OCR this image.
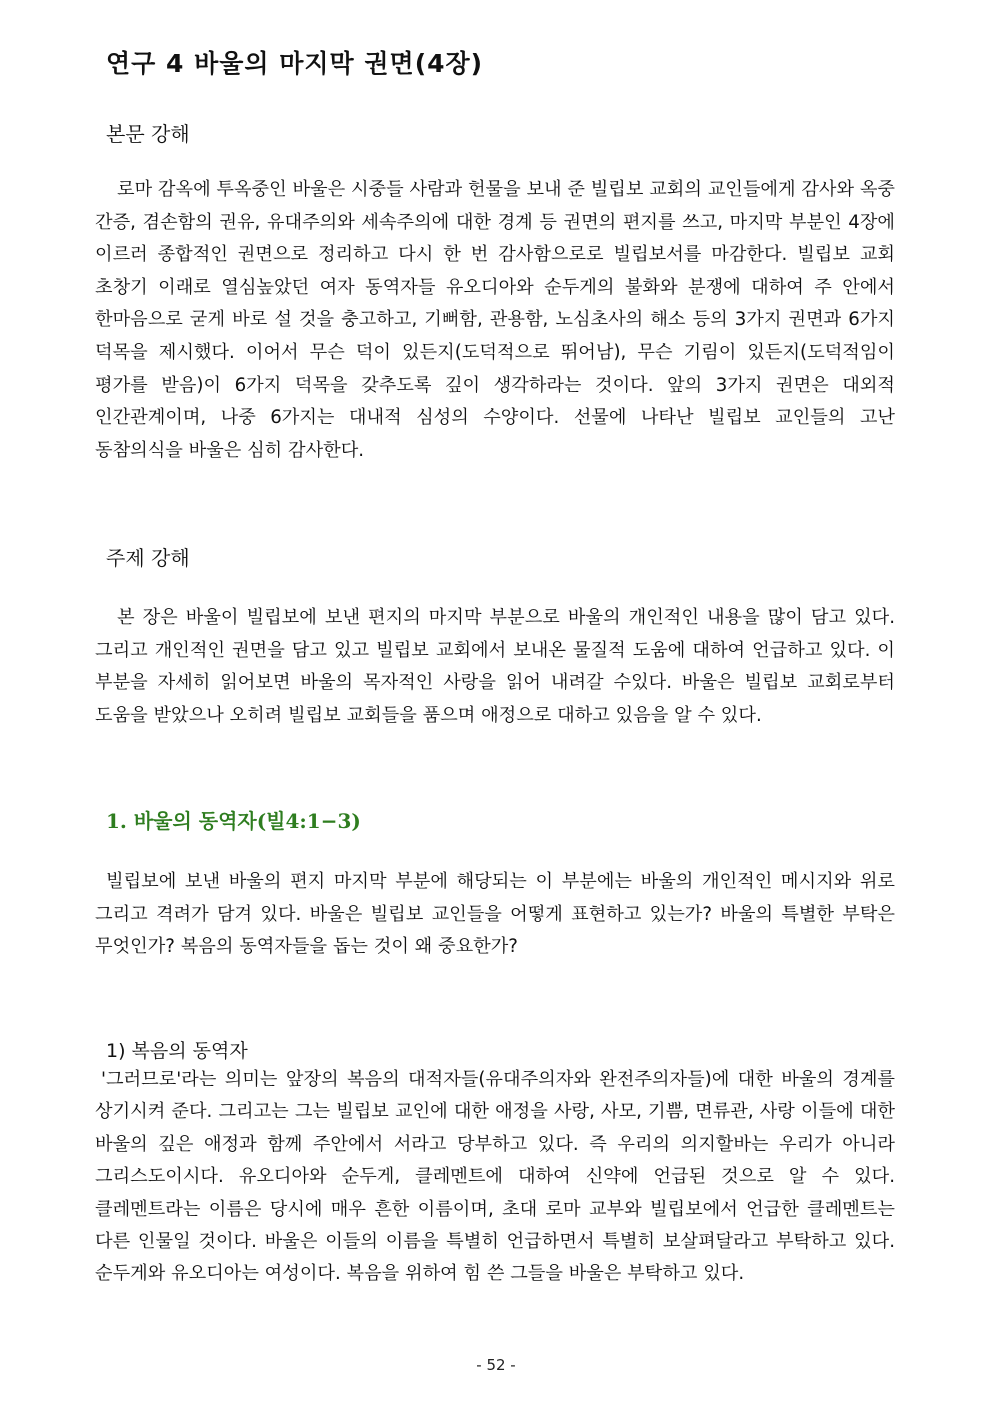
연구 4 바울의 마지막 권면(4장)
본문 강해

로마 감옥에 투옥중인 바울은 시중들 사람과 헌물을 보내 준 빌립보 교회의 교인들에게 감사와 옥중 간증, 겸손함의 권유, 유대주의와 세속주의에 대한 경계 등 권면의 편지를 쓰고, 마지막 부분인 4장에 이르러 종합적인 권면으로 정리하고 다시 한 번 감사함으로로 빌립보서를 마감한다. 빌립보 교회 초창기 이래로 열심높았던 여자 동역자들 유오디아와 순두게의 불화와 분쟁에 대하여 주 안에서 한마음으로 굳게 바로 설 것을 충고하고, 기뻐함, 관용함, 노심초사의 해소 등의 3가지 권면과 6가지 덕목을 제시했다. 이어서 무슨 덕이 있든지(도덕적으로 뛰어남), 무슨 기림이 있든지(도덕적임이 평가를 받음)이 6가지 덕목을 갖추도록 깊이 생각하라는 것이다. 앞의 3가지 권면은 대외적 인간관계이며, 나중 6가지는 대내적 심성의 수양이다. 선물에 나타난 빌립보 교인들의 고난 동참의식을 바울은 심히 감사한다.

주제 강해

본 장은 바울이 빌립보에 보낸 편지의 마지막 부분으로 바울의 개인적인 내용을 많이 담고 있다. 그리고 개인적인 권면을 담고 있고 빌립보 교회에서 보내온 물질적 도움에 대하여 언급하고 있다. 이 부분을 자세히 읽어보면 바울의 목자적인 사랑을 읽어 내려갈 수있다. 바울은 빌립보 교회로부터 도움을 받았으나 오히려 빌립보 교회들을 품으며 애정으로 대하고 있음을 알 수 있다.

1. 바울의 동역자(빌4:1−3)

빌립보에 보낸 바울의 편지 마지막 부분에 해당되는 이 부분에는 바울의 개인적인 메시지와 위로 그리고 격려가 담겨 있다. 바울은 빌립보 교인들을 어떻게 표현하고 있는가? 바울의 특별한 부탁은 무엇인가? 복음의 동역자들을 돕는 것이 왜 중요한가?

1) 복음의 동역자

'그러므로'라는 의미는 앞장의 복음의 대적자들(유대주의자와 완전주의자들)에 대한 바울의 경계를 상기시켜 준다. 그리고는 그는 빌립보 교인에 대한 애정을 사랑, 사모, 기쁨, 면류관, 사랑 이들에 대한 바울의 깊은 애정과 함께 주안에서 서라고 당부하고 있다. 즉 우리의 의지할바는 우리가 아니라 그리스도이시다. 유오디아와 순두게, 클레멘트에 대하여 신약에 언급된 것으로 알 수 있다. 클레멘트라는 이름은 당시에 매우 흔한 이름이며, 초대 로마 교부와 빌립보에서 언급한 클레멘트는 다른 인물일 것이다. 바울은 이들의 이름을 특별히 언급하면서 특별히 보살펴달라고 부탁하고 있다. 순두게와 유오디아는 여성이다. 복음을 위하여 힘 쓴 그들을 바울은 부탁하고 있다.

- 52 -
